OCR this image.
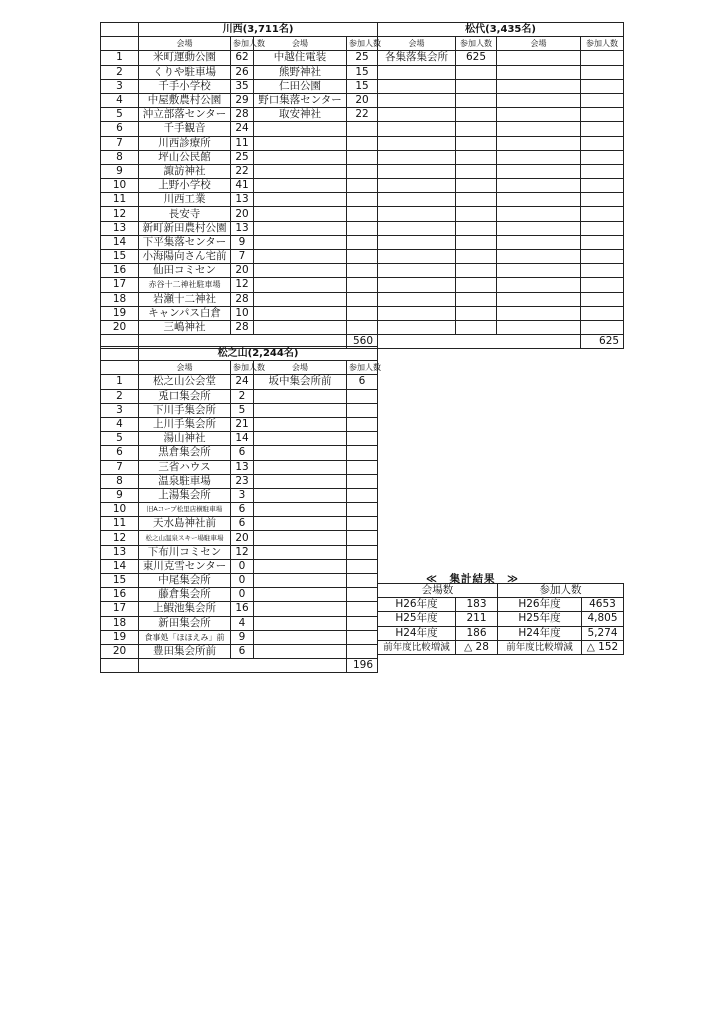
	川西(3,711名)				松代(3,435名)			
	会場	参加人数	会場	参加人数	会場	参加人数	会場	参加人数
1	米町運動公園	62	中越住電装	25	各集落集会所	625		
2	くりや駐車場	26	熊野神社	15				
3	千手小学校	35	仁田公園	15				
4	中屋敷農村公園	29	野口集落センター	20				
5	沖立部落センター	28	取安神社	22				
6	千手観音	24						
7	川西診療所	11						
8	坪山公民館	25						
9	諏訪神社	22						
10	上野小学校	41						
11	川西工業	13						
12	長安寺	20						
13	新町新田農村公園	13						
14	下平集落センター	9						
15	小海陽向さん宅前	7						
16	仙田コミセン	20						
17	赤谷十二神社駐車場	12						
18	岩瀬十二神社	28						
19	キャンパス白倉	10						
20	三嶋神社	28						
				560				625
	松之山(2,244名)			
	会場	参加人数	会場	参加人数
1	松之山公会堂	24	坂中集会所前	6
2	兎口集会所	2		
3	下川手集会所	5		
4	上川手集会所	21		
5	湯山神社	14		
6	黒倉集会所	6		
7	三省ハウス	13		
8	温泉駐車場	23		
9	上湯集会所	3		
10	旧Aコープ松里店横駐車場	6		
11	天水島神社前	6		
12	松之山温泉スキー場駐車場	20		
13	下布川コミセン	12		
14	東川克雪センター	0		
15	中尾集会所	0		
16	藤倉集会所	0		
17	上鰕池集会所	16		
18	新田集会所	4		
19	食事処「ほほえみ」前	9		
20	豊田集会所前	6		
				196
≪　集計結果　≫
会場数		参加人数	
H26年度	183	H26年度	4653
H25年度	211	H25年度	4,805
H24年度	186	H24年度	5,274
前年度比較増減	△ 28	前年度比較増減	△ 152
